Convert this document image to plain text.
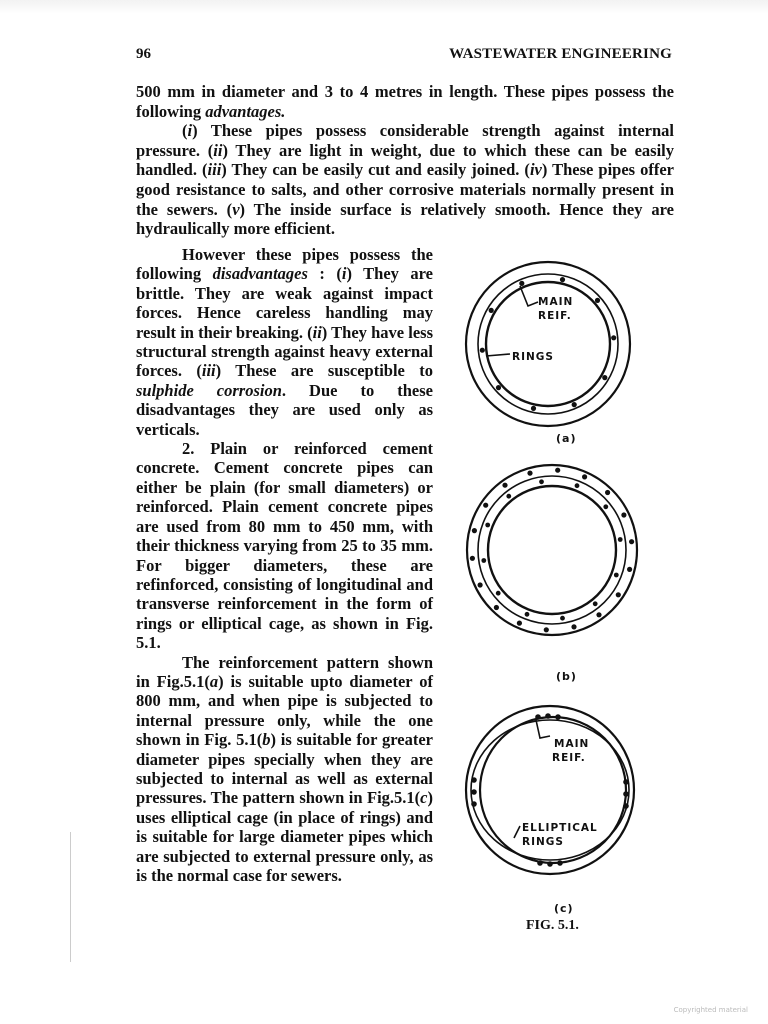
96	WASTEWATER ENGINEERING

500 mm in diameter and 3 to 4 metres in length. These pipes possess the following advantages.

(i) These pipes possess considerable strength against internal pressure. (ii) They are light in weight, due to which these can be easily handled. (iii) They can be easily cut and easily joined. (iv) These pipes offer good resistance to salts, and other corrosive materials normally present in the sewers. (v) The inside surface is relatively smooth. Hence they are hydraulically more efficient.

However these pipes possess the following disadvantages : (i) They are brittle. They are weak against impact forces. Hence careless handling may result in their breaking. (ii) They have less structural strength against heavy external forces. (iii) These are susceptible to sulphide corrosion. Due to these disadvantages they are used only as verticals.

2. Plain or reinforced cement concrete. Cement concrete pipes can either be plain (for small diameters) or reinforced. Plain cement concrete pipes are used from 80 mm to 450 mm, with their thickness varying from 25 to 35 mm. For bigger diameters, these are refinforced, consisting of longitudinal and transverse reinforcement in the form of rings or elliptical cage, as shown in Fig. 5.1.

The reinforcement pattern shown in Fig.5.1(a) is suitable upto diameter of 800 mm, and when pipe is subjected to internal pressure only, while the one shown in Fig. 5.1(b) is suitable for greater diameter pipes specially when they are subjected to internal as well as external pressures. The pattern shown in Fig.5.1(c) uses elliptical cage (in place of rings) and is suitable for large diameter pipes which are subjected to external pressure only, as is the normal case for sewers.

MAIN
REIF.
RINGS
(a)
(b)
MAIN
REIF.
ELLIPTICAL
RINGS
(c)
FIG. 5.1.
Copyrighted material
